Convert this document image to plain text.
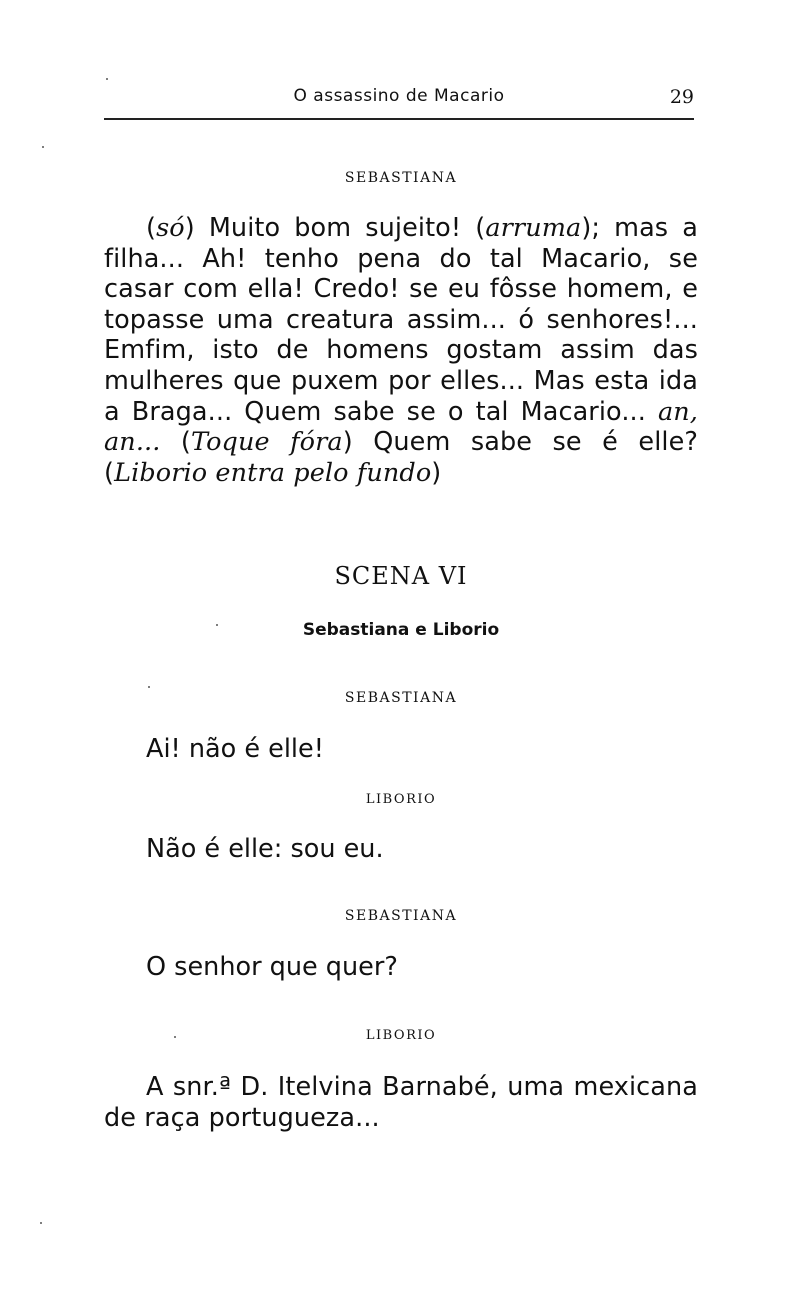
O assassino de Macario	29
SEBASTIANA

(só) Muito bom sujeito! (arruma); mas a filha... Ah! tenho pena do tal Macario, se casar com ella! Credo! se eu fôsse homem, e topasse uma creatura assim... ó senhores!... Emfim, isto de homens gostam assim das mulheres que puxem por elles... Mas esta ida a Braga... Quem sabe se o tal Macario... an, an... (Toque fóra) Quem sabe se é elle? (Liborio entra pelo fundo)

SCENA VI
Sebastiana e Liborio
SEBASTIANA
Ai! não é elle!
LIBORIO
Não é elle: sou eu.
SEBASTIANA
O senhor que quer?
LIBORIO

A snr.ª D. Itelvina Barnabé, uma mexicana de raça portugueza...
